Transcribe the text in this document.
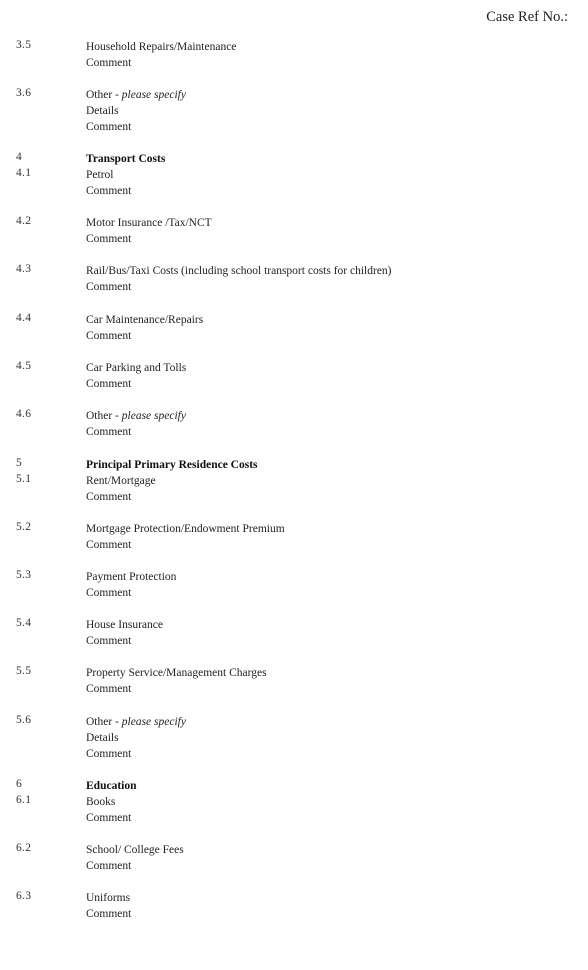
Case Ref No.:
3.5	Household Repairs/Maintenance
Comment
3.6	Other - please specify
Details
Comment
4	Transport Costs
4.1	Petrol
Comment
4.2	Motor Insurance /Tax/NCT
Comment
4.3	Rail/Bus/Taxi Costs (including school transport costs for children)
Comment
4.4	Car Maintenance/Repairs
Comment
4.5	Car Parking and Tolls
Comment
4.6	Other - please specify
Comment
5	Principal Primary Residence Costs
5.1	Rent/Mortgage
Comment
5.2	Mortgage Protection/Endowment Premium
Comment
5.3	Payment Protection
Comment
5.4	House Insurance
Comment
5.5	Property Service/Management Charges
Comment
5.6	Other - please specify
Details
Comment
6	Education
6.1	Books
Comment
6.2	School/ College Fees
Comment
6.3	Uniforms
Comment
